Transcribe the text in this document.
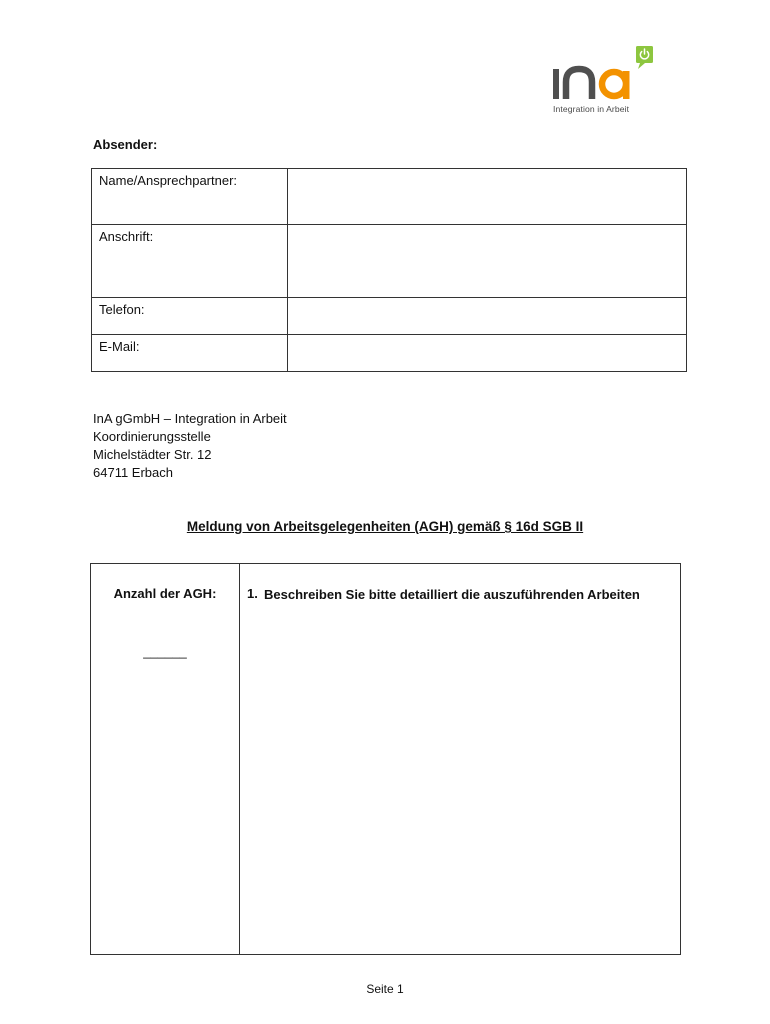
Integration in Arbeit
Absender:
Name/Ansprechpartner:	
Anschrift:	
Telefon:	
E-Mail:	
InA gGmbH – Integration in Arbeit
Koordinierungsstelle
Michelstädter Str. 12
64711 Erbach
Meldung von Arbeitsgelegenheiten (AGH) gemäß § 16d SGB II
Anzahl der AGH:
______
1. Beschreiben Sie bitte detailliert die auszuführenden Arbeiten
Seite 1
